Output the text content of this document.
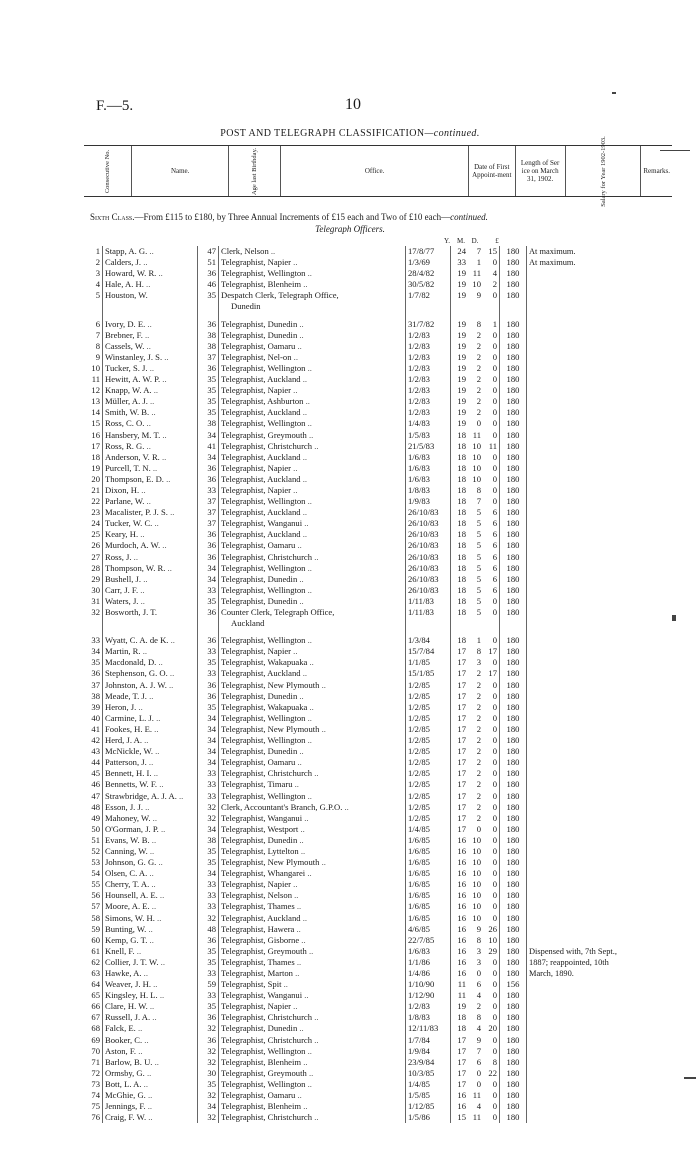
F.—5.	10
POST AND TELEGRAPH CLASSIFICATION—continued.
Consecutive No.	Name.	Age last Birthday.	Office.	Date of First Appoint-ment	Length of Ser ice on March 31, 1902.	Salary for Year 1902-1903.	Remarks.
Sixth Class.—From £115 to £180, by Three Annual Increments of £15 each and Two of £10 each—continued.
Telegraph Officers.
Y. M. D. £
1	Stapp, A. G. ..	47	Clerk, Nelson ..	17/8/77	24	7	15	180	At maximum.
2	Calders, J. ..	51	Telegraphist, Napier ..	1/3/69	33	1	0	180	At maximum.
3	Howard, W. R. ..	36	Telegraphist, Wellington ..	28/4/82	19	11	4	180	
4	Hale, A. H. ..	46	Telegraphist, Blenheim ..	30/5/82	19	10	2	180	
5	Houston, W.	35	Despatch Clerk, Telegraph Office,	1/7/82	19	9	0	180	
			Dunedin						

6	Ivory, D. E. ..	36	Telegraphist, Dunedin ..	31/7/82	19	8	1	180	
7	Brebner, F. ..	38	Telegraphist, Dunedin ..	1/2/83	19	2	0	180	
8	Cassels, W. ..	38	Telegraphist, Oamaru ..	1/2/83	19	2	0	180	
9	Winstanley, J. S. ..	37	Telegraphist, Nel-on ..	1/2/83	19	2	0	180	
10	Tucker, S. J. ..	36	Telegraphist, Wellington ..	1/2/83	19	2	0	180	
11	Hewitt, A. W. P. ..	35	Telegraphist, Auckland ..	1/2/83	19	2	0	180	
12	Knapp, W. A. ..	35	Telegraphist, Napier ..	1/2/83	19	2	0	180	
13	Müller, A. J. ..	35	Telegraphist, Ashburton ..	1/2/83	19	2	0	180	
14	Smith, W. B. ..	35	Telegraphist, Auckland ..	1/2/83	19	2	0	180	
15	Ross, C. O. ..	38	Telegraphist, Wellington ..	1/4/83	19	0	0	180	
16	Hansbery, M. T. ..	34	Telegraphist, Greymouth ..	1/5/83	18	11	0	180	
17	Ross, R. G. ..	41	Telegraphist, Christchurch ..	21/5/83	18	10	11	180	
18	Anderson, V. R. ..	34	Telegraphist, Auckland ..	1/6/83	18	10	0	180	
19	Purcell, T. N. ..	36	Telegraphist, Napier ..	1/6/83	18	10	0	180	
20	Thompson, E. D. ..	36	Telegraphist, Auckland ..	1/6/83	18	10	0	180	
21	Dixon, H. ..	33	Telegraphist, Napier ..	1/8/83	18	8	0	180	
22	Parlane, W. ..	37	Telegraphist, Wellington ..	1/9/83	18	7	0	180	
23	Macalister, P. J. S. ..	37	Telegraphist, Auckland ..	26/10/83	18	5	6	180	
24	Tucker, W. C. ..	37	Telegraphist, Wanganui ..	26/10/83	18	5	6	180	
25	Keary, H. ..	36	Telegraphist, Auckland ..	26/10/83	18	5	6	180	
26	Murdoch, A. W. ..	36	Telegraphist, Oamaru ..	26/10/83	18	5	6	180	
27	Ross, J. ..	36	Telegraphist, Christchurch ..	26/10/83	18	5	6	180	
28	Thompson, W. R. ..	34	Telegraphist, Wellington ..	26/10/83	18	5	6	180	
29	Bushell, J. ..	34	Telegraphist, Dunedin ..	26/10/83	18	5	6	180	
30	Carr, J. F. ..	33	Telegraphist, Wellington ..	26/10/83	18	5	6	180	
31	Waters, J. ..	35	Telegraphist, Dunedin ..	1/11/83	18	5	0	180	
32	Bosworth, J. T.	36	Counter Clerk, Telegraph Office,	1/11/83	18	5	0	180	
			Auckland						

33	Wyatt, C. A. de K. ..	36	Telegraphist, Wellington ..	1/3/84	18	1	0	180	
34	Martin, R. ..	33	Telegraphist, Napier ..	15/7/84	17	8	17	180	
35	Macdonald, D. ..	35	Telegraphist, Wakapuaka ..	1/1/85	17	3	0	180	
36	Stephenson, G. O. ..	33	Telegraphist, Auckland ..	15/1/85	17	2	17	180	
37	Johnston, A. J. W. ..	36	Telegraphist, New Plymouth ..	1/2/85	17	2	0	180	
38	Meade, T. J. ..	36	Telegraphist, Dunedin ..	1/2/85	17	2	0	180	
39	Heron, J. ..	35	Telegraphist, Wakapuaka ..	1/2/85	17	2	0	180	
40	Carmine, L. J. ..	34	Telegraphist, Wellington ..	1/2/85	17	2	0	180	
41	Fookes, H. E. ..	34	Telegraphist, New Plymouth ..	1/2/85	17	2	0	180	
42	Herd, J. A. ..	34	Telegraphist, Wellington ..	1/2/85	17	2	0	180	
43	McNickle, W. ..	34	Telegraphist, Dunedin ..	1/2/85	17	2	0	180	
44	Patterson, J. ..	34	Telegraphist, Oamaru ..	1/2/85	17	2	0	180	
45	Bennett, H. I. ..	33	Telegraphist, Christchurch ..	1/2/85	17	2	0	180	
46	Bennetts, W. F. ..	33	Telegraphist, Timaru ..	1/2/85	17	2	0	180	
47	Strawbridge, A. J. A. ..	33	Telegraphist, Wellington ..	1/2/85	17	2	0	180	
48	Esson, J. J. ..	32	Clerk, Accountant's Branch, G.P.O. ..	1/2/85	17	2	0	180	
49	Mahoney, W. ..	32	Telegraphist, Wanganui ..	1/2/85	17	2	0	180	
50	O'Gorman, J. P. ..	34	Telegraphist, Westport ..	1/4/85	17	0	0	180	
51	Evans, W. B. ..	38	Telegraphist, Dunedin ..	1/6/85	16	10	0	180	
52	Canning, W. ..	35	Telegraphist, Lyttelton ..	1/6/85	16	10	0	180	
53	Johnson, G. G. ..	35	Telegraphist, New Plymouth ..	1/6/85	16	10	0	180	
54	Olsen, C. A. ..	34	Telegraphist, Whangarei ..	1/6/85	16	10	0	180	
55	Cherry, T. A. ..	33	Telegraphist, Napier ..	1/6/85	16	10	0	180	
56	Hounsell, A. E. ..	33	Telegraphist, Nelson ..	1/6/85	16	10	0	180	
57	Moore, A. E. ..	33	Telegraphist, Thames ..	1/6/85	16	10	0	180	
58	Simons, W. H. ..	32	Telegraphist, Auckland ..	1/6/85	16	10	0	180	
59	Bunting, W. ..	48	Telegraphist, Hawera ..	4/6/85	16	9	26	180	
60	Kemp, G. T. ..	36	Telegraphist, Gisborne ..	22/7/85	16	8	10	180	
61	Knell, F. ..	35	Telegraphist, Greymouth ..	1/6/83	16	3	29	180	Dispensed with, 7th Sept.,
62	Collier, J. T. W. ..	35	Telegraphist, Thames ..	1/1/86	16	3	0	180	1887; reappointed, 10th
63	Hawke, A. ..	33	Telegraphist, Marton ..	1/4/86	16	0	0	180	March, 1890.
64	Weaver, J. H. ..	59	Telegraphist, Spit ..	1/10/90	11	6	0	156	
65	Kingsley, H. L. ..	33	Telegraphist, Wanganui ..	1/12/90	11	4	0	180	
66	Clare, H. W. ..	35	Telegraphist, Napier ..	1/2/83	19	2	0	180	
67	Russell, J. A. ..	36	Telegraphist, Christchurch ..	1/8/83	18	8	0	180	
68	Falck, E. ..	32	Telegraphist, Dunedin ..	12/11/83	18	4	20	180	
69	Booker, C. ..	36	Telegraphist, Christchurch ..	1/7/84	17	9	0	180	
70	Aston, F. ..	32	Telegraphist, Wellington ..	1/9/84	17	7	0	180	
71	Barlow, B. U. ..	32	Telegraphist, Blenheim ..	23/9/84	17	6	8	180	
72	Ormsby, G. ..	30	Telegraphist, Greymouth ..	10/3/85	17	0	22	180	
73	Bott, L. A. ..	35	Telegraphist, Wellington ..	1/4/85	17	0	0	180	
74	McGhie, G. ..	32	Telegraphist, Oamaru ..	1/5/85	16	11	0	180	
75	Jennings, F. ..	34	Telegraphist, Blenheim ..	1/12/85	16	4	0	180	
76	Craig, F. W. ..	32	Telegraphist, Christchurch ..	1/5/86	15	11	0	180	
